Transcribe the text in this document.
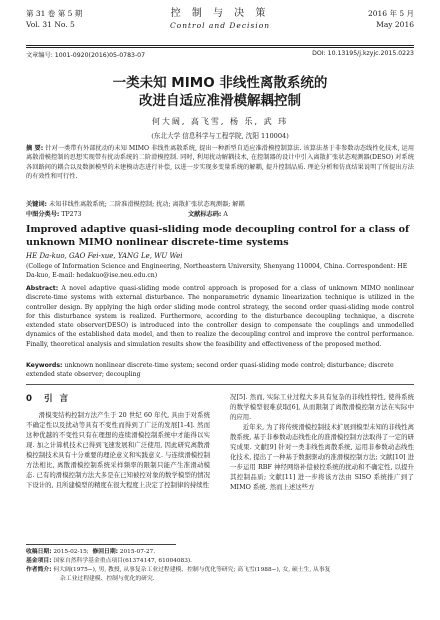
第 31 卷 第 5 期
Vol. 31 No. 5
控 制 与 决 策
Control and Decision
2016 年 5 月
May 2016
文章编号: 1001-0920(2016)05-0783-07	DOI: 10.13195/j.kzyjc.2015.0223
一类未知 MIMO 非线性离散系统的
改进自适应准滑模解耦控制
何大阔, 高飞雪, 杨 乐, 武 玮
(东北大学 信息科学与工程学院, 沈阳 110004)
摘 要: 针对一类带有外部扰动的未知 MIMO 非线性离散系统, 提出一种新型自适应准滑模控制算法. 该算法基于非参数动态线性化技术, 运用离散滑模控制的思想实现带有扰动系统的二阶滑模控制. 同时, 利用扰动解耦技术, 在控制器的设计中引入离散扩张状态观测器(DESO) 对系统各回路间的耦合以及数据模型的未建模动态进行补偿, 以进一步实现多变量系统的解耦, 提升控制品质. 理论分析和仿真结果说明了所提出方法的有效性和可行性.
关键词: 未知非线性离散系统; 二阶准滑模控制; 扰动; 离散扩张状态观测器; 解耦
中图分类号: TP273	文献标志码: A
Improved adaptive quasi-sliding mode decoupling control for a class of unknown MIMO nonlinear discrete-time systems
HE Da-kuo, GAO Fei-xue, YANG Le, WU Wei
(College of Information Science and Engineering, Northeastern University, Shenyang 110004, China. Correspondent: HE Da-kuo, E-mail: hedakuo@ise.neu.edu.cn)
Abstract: A novel adaptive quasi-sliding mode control approach is proposed for a class of unknown MIMO nonlinear discrete-time systems with external disturbance. The nonparametric dynamic linearization technique is utilized in the controller design. By applying the high order sliding mode control strategy, the second order quasi-sliding mode control for this disturbance system is realized. Furthermore, according to the disturbance decoupling technique, a discrete extended state observer(DESO) is introduced into the controller design to compensate the couplings and unmodelled dynamics of the established data model, and then to realize the decoupling control and improve the control performance. Finally, theoretical analysis and simulation results show the feasibility and effectiveness of the proposed method.
Keywords: unknown nonlinear discrete-time system; second order quasi-sliding mode control; disturbance; discrete extended state observer; decoupling
0 引 言

滑模变结构控制方法产生于 20 世纪 60 年代, 具由于对系统不确定性以及扰动等具有不变性而得到了广泛的发展[1-4]. 然而这种优越的不变性只有在理想的连续滑模控制系统中才能得以实现. 加之计算机技术已得到飞速发展和广泛使用, 因此研究离散滑模控制技术具有十分重要的理论意义和实践意义. 与连续滑模控制方法相比, 离散滑模控制系统采样频率的限制只能产生准滑动模态. 已有的滑模控制方法大多是在已知被控对象的数学模型的情况下设计的, 且所建模型的精度在很大程度上决定了控制律的持续性

况[5]. 然而, 实际工业过程大多具有复杂的非线性特性, 使得系统的数学模型很难获取[6], 从而限制了离散滑模控制方法在实际中的应用.

近年来, 为了将传统滑模控制技术扩展到模型未知的非线性离散系统, 基于非参数动态线性化的准滑模控制方法取得了一定的研究成果. 文献[9] 针对一类非线性离散系统, 运用非参数动态线性化技术, 提出了一种基于数据驱动的准滑模控制方法; 文献[10] 进一步运用 RBF 神经网络补偿被控系统的扰动和不确定性, 以提升其控制品质; 文献[11] 进一步将该方法由 SISO 系统推广到了 MIMO 系统. 然而上述这些方

收稿日期: 2015-02-15; 修回日期: 2015-07-27.
基金项目: 国家自然科学基金重点项目(61374147, 61004083).
作者简介: 何大阔(1975−), 男, 教授, 从事复杂工业过程建模、控制与优化等研究; 高飞雪(1988−), 女, 硕士生, 从事复
杂工业过程建模、控制与优化的研究.
